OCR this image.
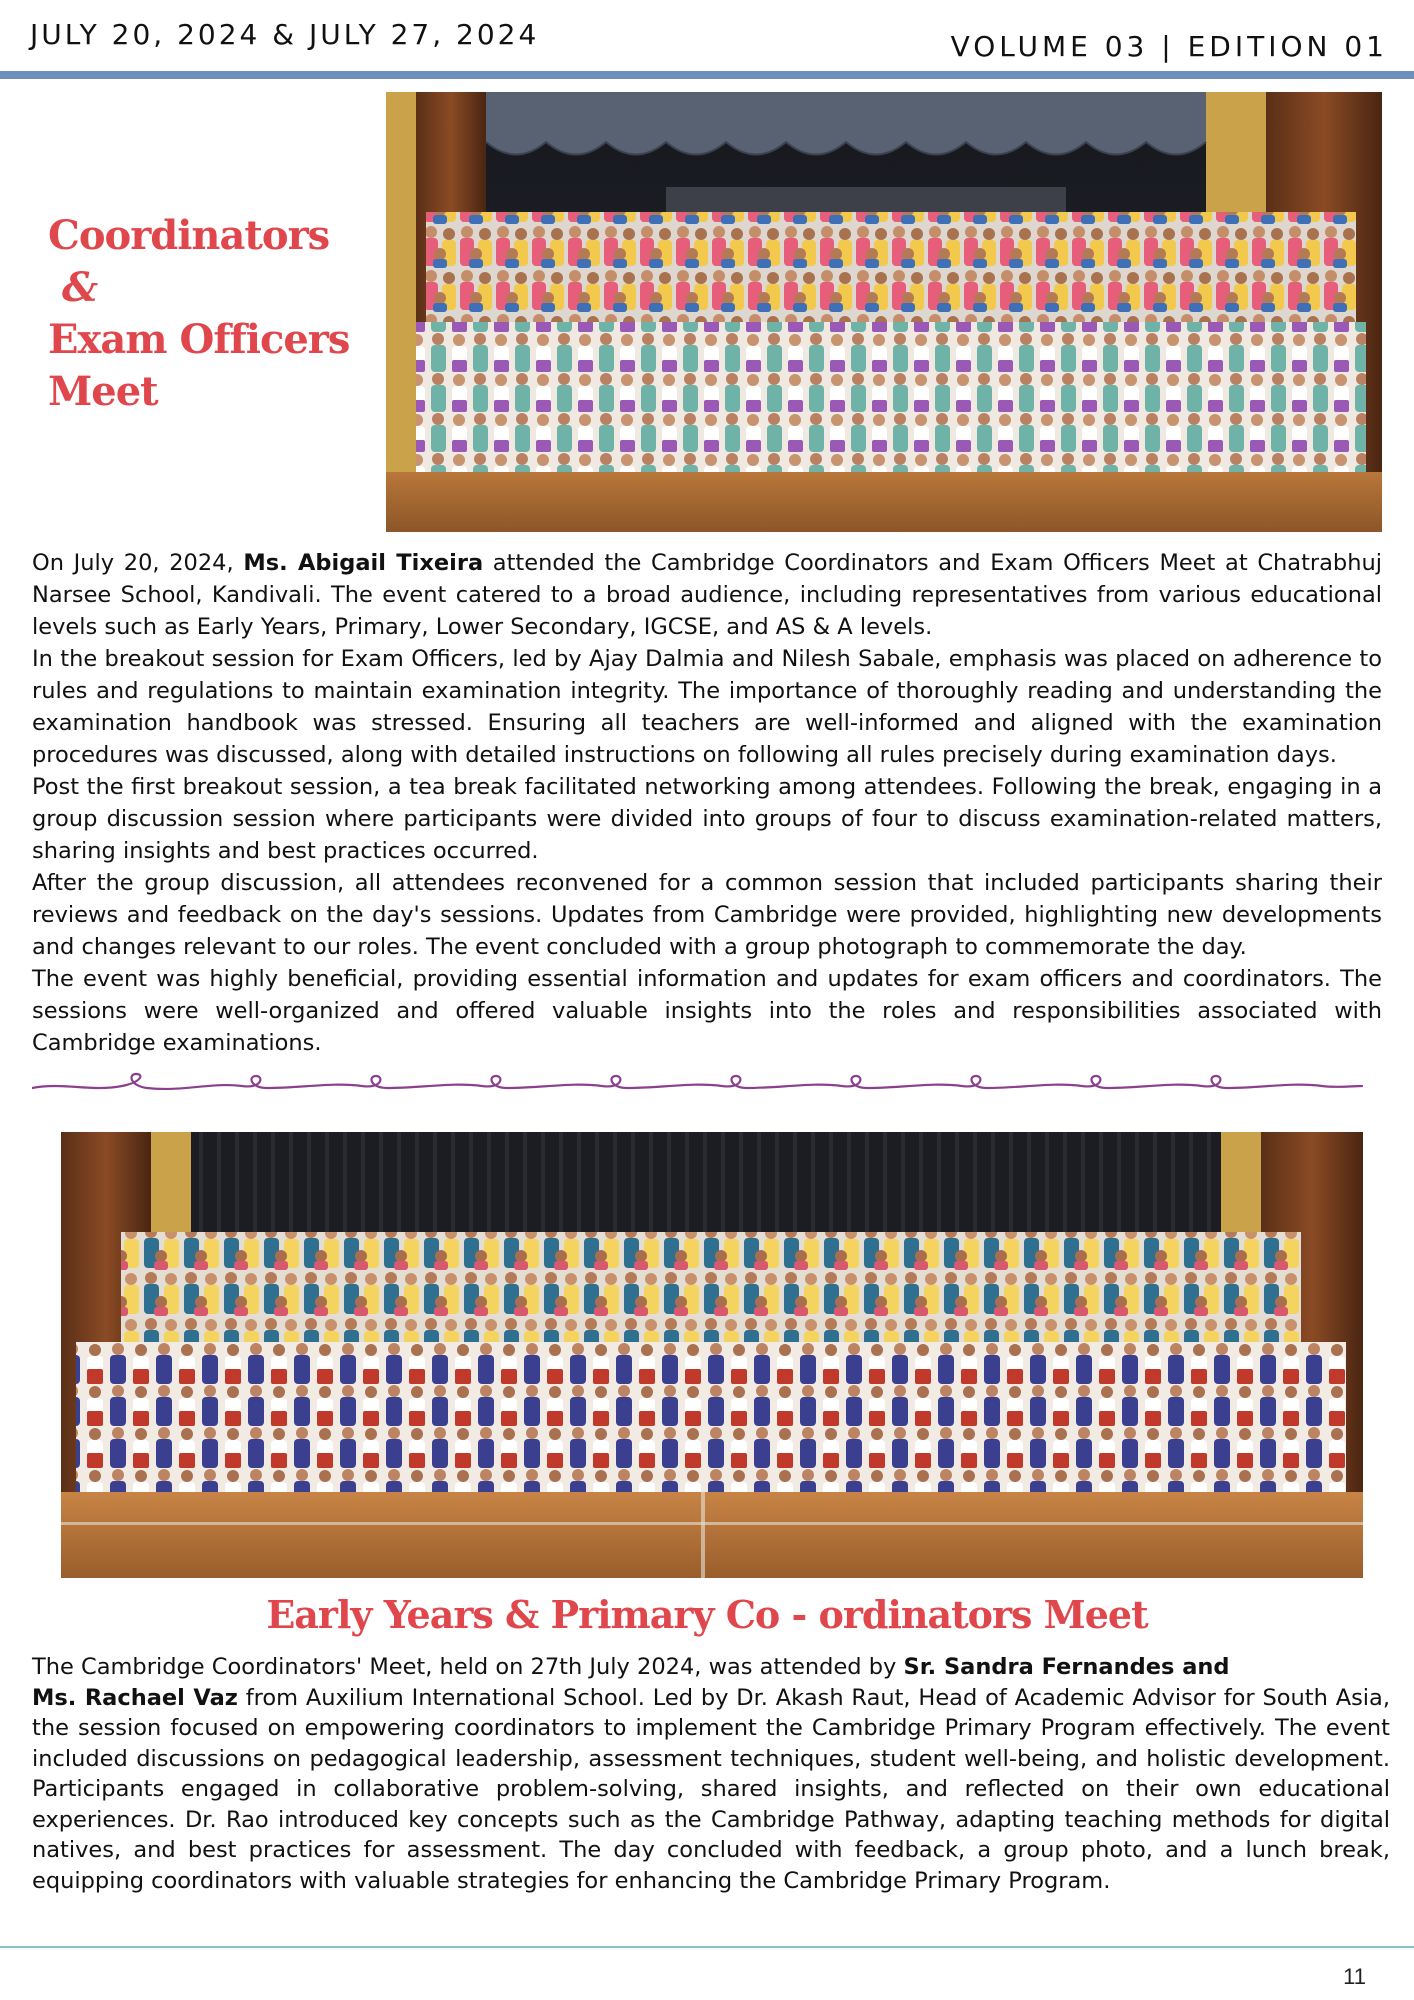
JULY 20, 2024 & JULY 27, 2024	VOLUME 03 | EDITION 01
Coordinators
&
Exam Officers
Meet

On July 20, 2024, Ms. Abigail Tixeira attended the Cambridge Coordinators and Exam Officers Meet at Chatrabhuj Narsee School, Kandivali. The event catered to a broad audience, including representatives from various educational levels such as Early Years, Primary, Lower Secondary, IGCSE, and AS & A levels.

In the breakout session for Exam Officers, led by Ajay Dalmia and Nilesh Sabale, emphasis was placed on adherence to rules and regulations to maintain examination integrity. The importance of thoroughly reading and understanding the examination handbook was stressed. Ensuring all teachers are well-informed and aligned with the examination procedures was discussed, along with detailed instructions on following all rules precisely during examination days.

Post the first breakout session, a tea break facilitated networking among attendees. Following the break, engaging in a group discussion session where participants were divided into groups of four to discuss examination-related matters, sharing insights and best practices occurred.

After the group discussion, all attendees reconvened for a common session that included participants sharing their reviews and feedback on the day's sessions. Updates from Cambridge were provided, highlighting new developments and changes relevant to our roles. The event concluded with a group photograph to commemorate the day.

The event was highly beneficial, providing essential information and updates for exam officers and coordinators. The sessions were well-organized and offered valuable insights into the roles and responsibilities associated with Cambridge examinations.

Early Years & Primary Co - ordinators Meet

The Cambridge Coordinators' Meet, held on 27th July 2024, was attended by Sr. Sandra Fernandes and
Ms. Rachael Vaz from Auxilium International School. Led by Dr. Akash Raut, Head of Academic Advisor for South Asia, the session focused on empowering coordinators to implement the Cambridge Primary Program effectively. The event included discussions on pedagogical leadership, assessment techniques, student well-being, and holistic development. Participants engaged in collaborative problem-solving, shared insights, and reflected on their own educational experiences. Dr. Rao introduced key concepts such as the Cambridge Pathway, adapting teaching methods for digital natives, and best practices for assessment. The day concluded with feedback, a group photo, and a lunch break, equipping coordinators with valuable strategies for enhancing the Cambridge Primary Program.

11
